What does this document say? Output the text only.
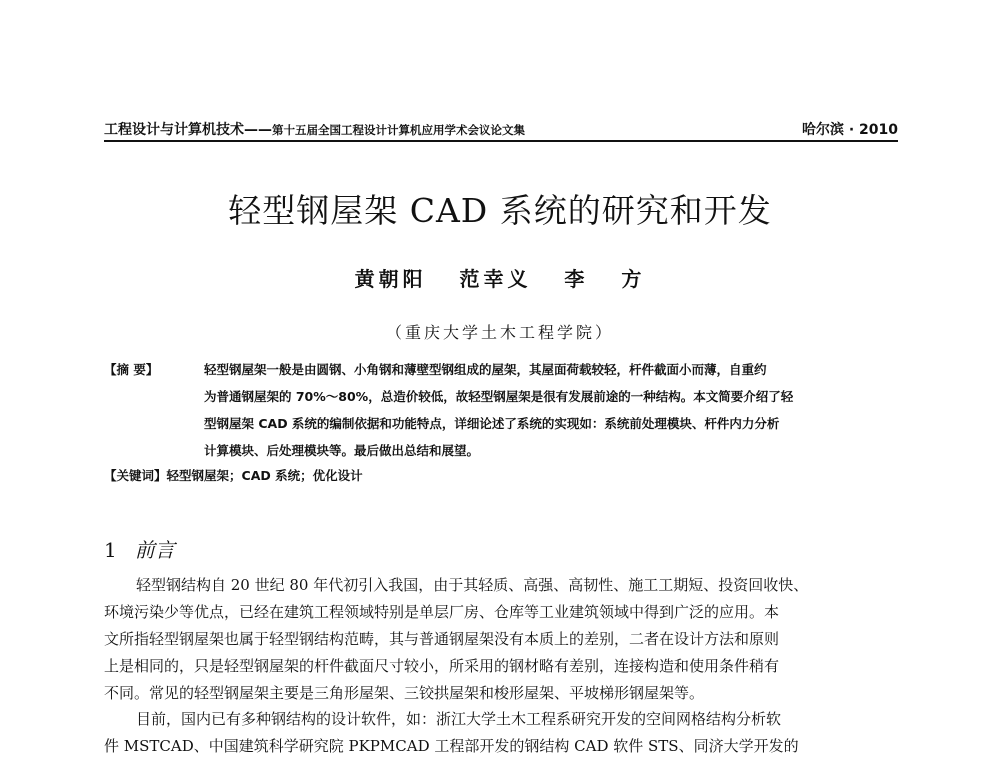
工程设计与计算机技术——第十五届全国工程设计计算机应用学术会议论文集	哈尔滨 · 2010
轻型钢屋架 CAD 系统的研究和开发
黄朝阳   范幸义   李   方
（重庆大学土木工程学院）
【摘 要】	轻型钢屋架一般是由圆钢、小角钢和薄壁型钢组成的屋架，其屋面荷载较轻，杆件截面小而薄，自重约
为普通钢屋架的 70%～80%，总造价较低，故轻型钢屋架是很有发展前途的一种结构。本文简要介绍了轻
型钢屋架 CAD 系统的编制依据和功能特点，详细论述了系统的实现如：系统前处理模块、杆件内力分析
计算模块、后处理模块等。最后做出总结和展望。
【关键词】轻型钢屋架；CAD 系统；优化设计
1 前言
轻型钢结构自 20 世纪 80 年代初引入我国，由于其轻质、高强、高韧性、施工工期短、投资回收快、
环境污染少等优点，已经在建筑工程领域特别是单层厂房、仓库等工业建筑领域中得到广泛的应用。本
文所指轻型钢屋架也属于轻型钢结构范畴，其与普通钢屋架没有本质上的差别，二者在设计方法和原则
上是相同的，只是轻型钢屋架的杆件截面尺寸较小，所采用的钢材略有差别，连接构造和使用条件稍有
不同。常见的轻型钢屋架主要是三角形屋架、三铰拱屋架和梭形屋架、平坡梯形钢屋架等。
目前，国内已有多种钢结构的设计软件，如：浙江大学土木工程系研究开发的空间网格结构分析软
件 MSTCAD、中国建筑科学研究院 PKPMCAD 工程部开发的钢结构 CAD 软件 STS、同济大学开发的
